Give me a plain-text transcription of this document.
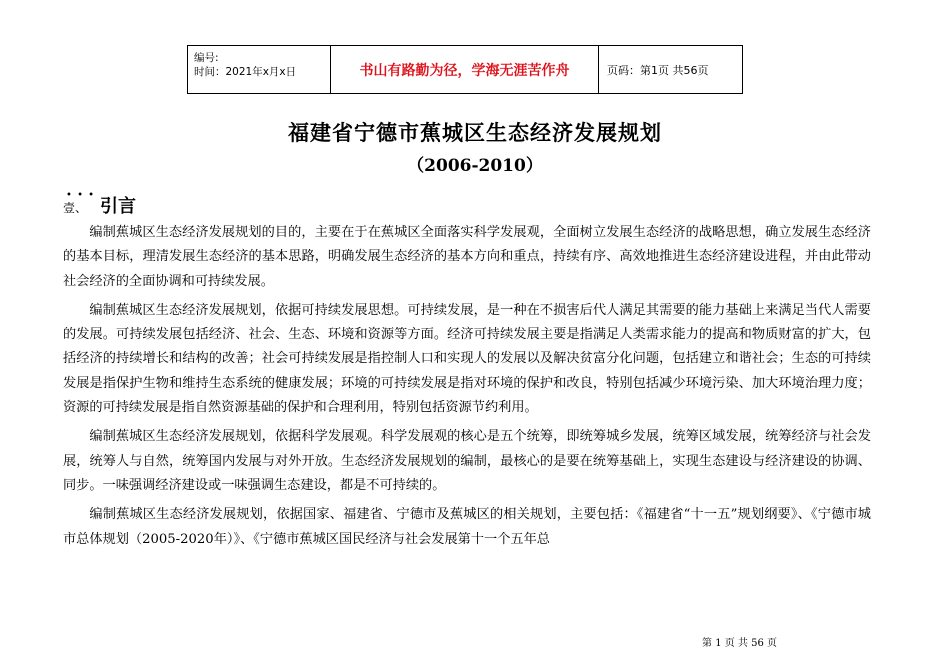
编号:
时间：2021年x月x日	书山有路勤为径，学海无涯苦作舟	页码：第1页 共56页
福建省宁德市蕉城区生态经济发展规划
（2006-2010）
• • •
壹、 引言

编制蕉城区生态经济发展规划的目的，主要在于在蕉城区全面落实科学发展观，全面树立发展生态经济的战略思想，确立发展生态经济的基本目标，理清发展生态经济的基本思路，明确发展生态经济的基本方向和重点，持续有序、高效地推进生态经济建设进程，并由此带动社会经济的全面协调和可持续发展。

编制蕉城区生态经济发展规划，依据可持续发展思想。可持续发展，是一种在不损害后代人满足其需要的能力基础上来满足当代人需要的发展。可持续发展包括经济、社会、生态、环境和资源等方面。经济可持续发展主要是指满足人类需求能力的提高和物质财富的扩大，包括经济的持续增长和结构的改善；社会可持续发展是指控制人口和实现人的发展以及解决贫富分化问题，包括建立和谐社会；生态的可持续发展是指保护生物和维持生态系统的健康发展；环境的可持续发展是指对环境的保护和改良，特别包括减少环境污染、加大环境治理力度；资源的可持续发展是指自然资源基础的保护和合理利用，特别包括资源节约利用。

编制蕉城区生态经济发展规划，依据科学发展观。科学发展观的核心是五个统筹，即统筹城乡发展，统筹区域发展，统筹经济与社会发展，统筹人与自然，统筹国内发展与对外开放。生态经济发展规划的编制，最核心的是要在统筹基础上，实现生态建设与经济建设的协调、同步。一味强调经济建设或一味强调生态建设，都是不可持续的。

编制蕉城区生态经济发展规划，依据国家、福建省、宁德市及蕉城区的相关规划，主要包括：《福建省“十一五”规划纲要》、《宁德市城市总体规划（2005-2020年）》、《宁德市蕉城区国民经济与社会发展第十一个五年总

第 1 页 共 56 页
